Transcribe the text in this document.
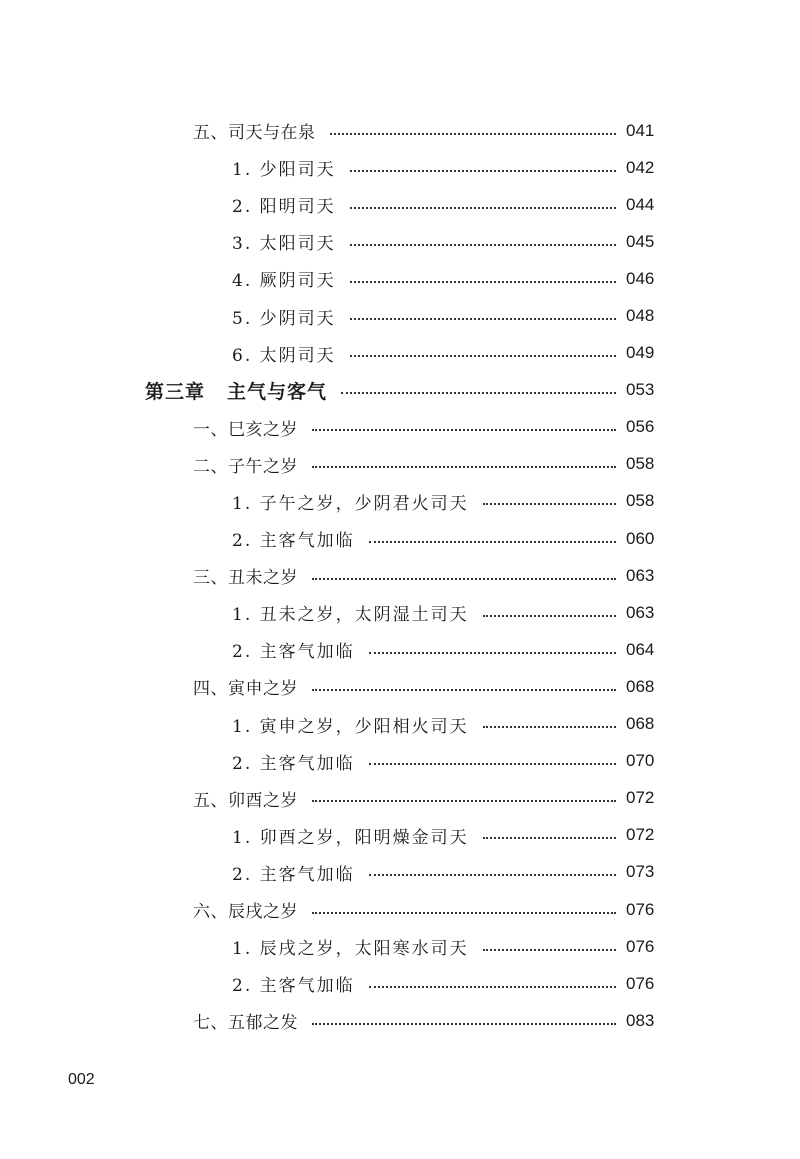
五、司天与在泉	041
1. 少阳司天	042
2. 阳明司天	044
3. 太阳司天	045
4. 厥阴司天	046
5. 少阴司天	048
6. 太阴司天	049
第三章 主气与客气	053
一、巳亥之岁	056
二、子午之岁	058
1. 子午之岁，少阴君火司天	058
2. 主客气加临	060
三、丑未之岁	063
1. 丑未之岁，太阴湿土司天	063
2. 主客气加临	064
四、寅申之岁	068
1. 寅申之岁，少阳相火司天	068
2. 主客气加临	070
五、卯酉之岁	072
1. 卯酉之岁，阳明燥金司天	072
2. 主客气加临	073
六、辰戌之岁	076
1. 辰戌之岁，太阳寒水司天	076
2. 主客气加临	076
七、五郁之发	083
002
